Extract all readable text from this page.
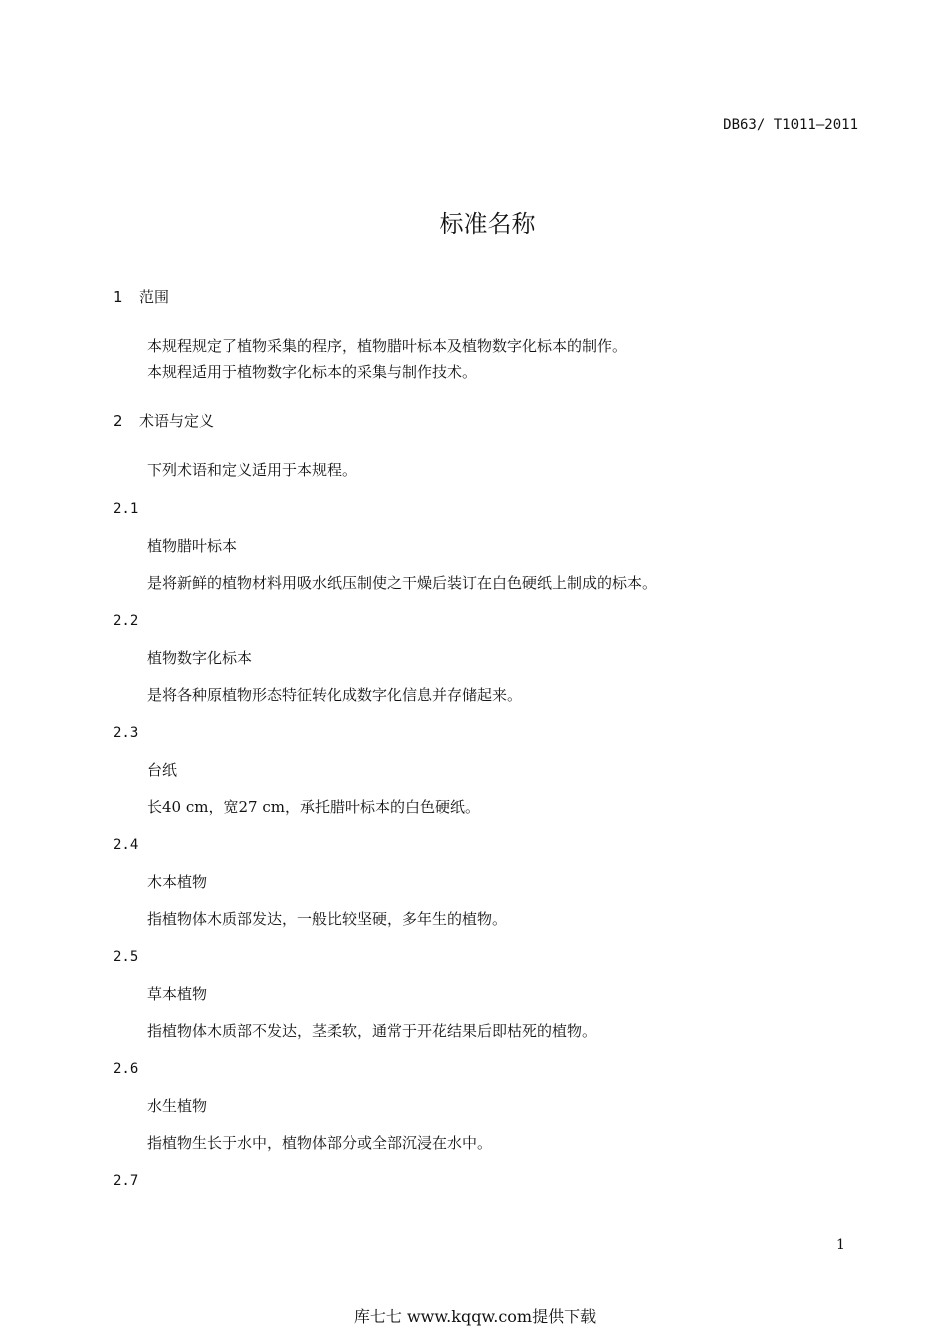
DB63/ T1011—2011
标准名称
1 范围
本规程规定了植物采集的程序，植物腊叶标本及植物数字化标本的制作。
本规程适用于植物数字化标本的采集与制作技术。
2 术语与定义
下列术语和定义适用于本规程。
2.1
植物腊叶标本
是将新鲜的植物材料用吸水纸压制使之干燥后装订在白色硬纸上制成的标本。
2.2
植物数字化标本
是将各种原植物形态特征转化成数字化信息并存储起来。
2.3
台纸
长40 cm，宽27 cm，承托腊叶标本的白色硬纸。
2.4
木本植物
指植物体木质部发达，一般比较坚硬，多年生的植物。
2.5
草本植物
指植物体木质部不发达，茎柔软，通常于开花结果后即枯死的植物。
2.6
水生植物
指植物生长于水中，植物体部分或全部沉浸在水中。
2.7
1
库七七 www.kqqw.com提供下载
